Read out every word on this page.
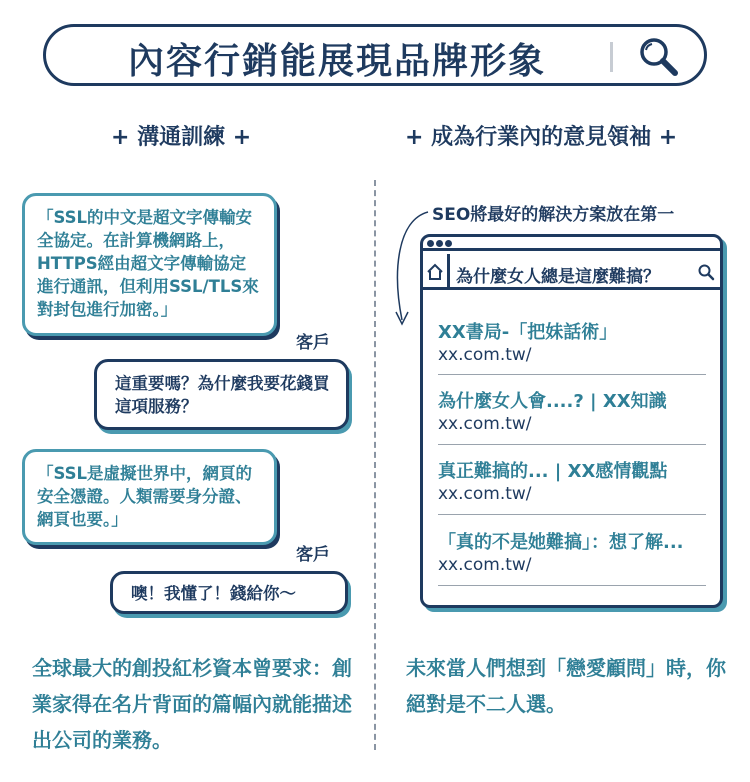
內容行銷能展現品牌形象
+ 溝通訓練 +	+ 成為行業內的意見領袖 +
「SSL的中文是超文字傳輸安全協定。在計算機網路上，HTTPS經由超文字傳輸協定進行通訊，但利用SSL/TLS來對封包進行加密。」
客戶
這重要嗎？為什麼我要花錢買這項服務？
「SSL是虛擬世界中，網頁的安全憑證。人類需要身分證、網頁也要。」
客戶
噢！我懂了！錢給你～
全球最大的創投紅杉資本曾要求：創業家得在名片背面的篇幅內就能描述出公司的業務。
SEO將最好的解決方案放在第一
為什麼女人總是這麼難搞？
XX書局-「把妹話術」
xx.com.tw/
為什麼女人會....? | XX知識
xx.com.tw/
真正難搞的... | XX感情觀點
xx.com.tw/
「真的不是她難搞」：想了解...
xx.com.tw/
未來當人們想到「戀愛顧問」時，你絕對是不二人選。
